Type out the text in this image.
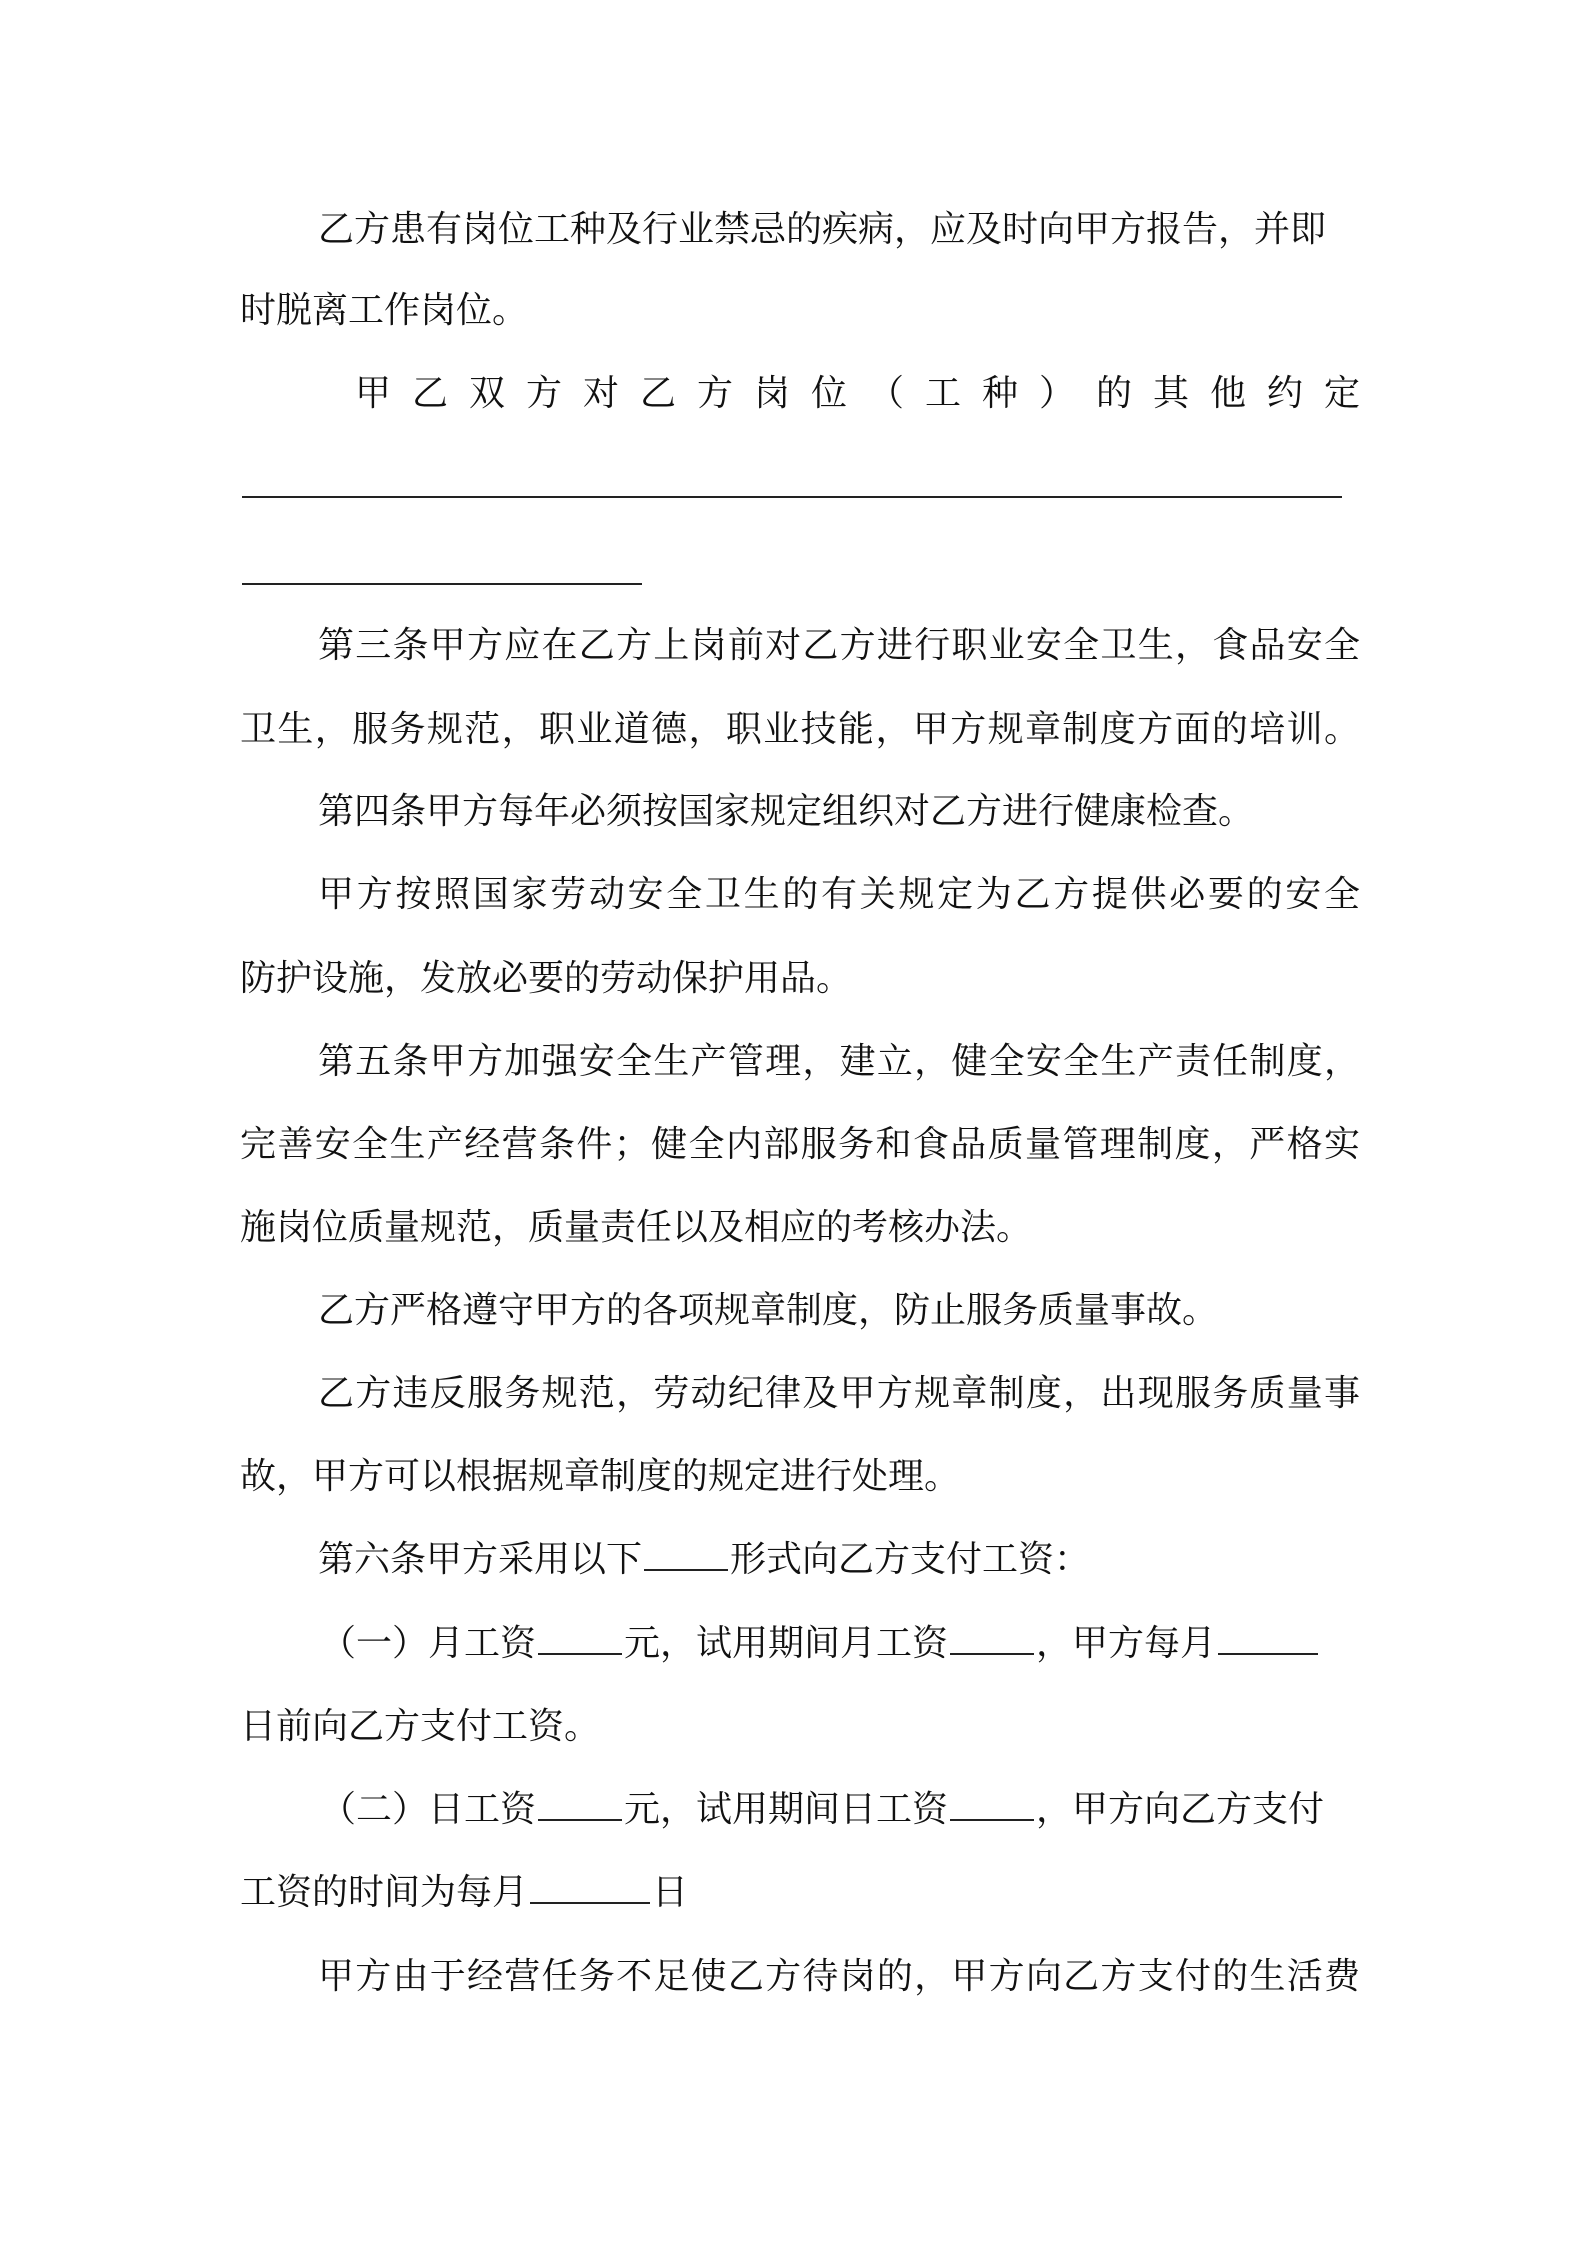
乙方患有岗位工种及行业禁忌的疾病，应及时向甲方报告，并即
时脱离工作岗位。
甲乙双方对乙方岗位（工种）的其他约定
第三条甲方应在乙方上岗前对乙方进行职业安全卫生，食品安全
卫生，服务规范，职业道德，职业技能，甲方规章制度方面的培训。
第四条甲方每年必须按国家规定组织对乙方进行健康检查。
甲方按照国家劳动安全卫生的有关规定为乙方提供必要的安全
防护设施，发放必要的劳动保护用品。
第五条甲方加强安全生产管理，建立，健全安全生产责任制度，
完善安全生产经营条件；健全内部服务和食品质量管理制度，严格实
施岗位质量规范，质量责任以及相应的考核办法。
乙方严格遵守甲方的各项规章制度，防止服务质量事故。
乙方违反服务规范，劳动纪律及甲方规章制度，出现服务质量事
故，甲方可以根据规章制度的规定进行处理。
第六条甲方采用以下 形式向乙方支付工资：
（一）月工资 元，试用期间月工资 ，甲方每月
日前向乙方支付工资。
（二）日工资 元，试用期间日工资 ，甲方向乙方支付
工资的时间为每月	日
甲方由于经营任务不足使乙方待岗的，甲方向乙方支付的生活费
